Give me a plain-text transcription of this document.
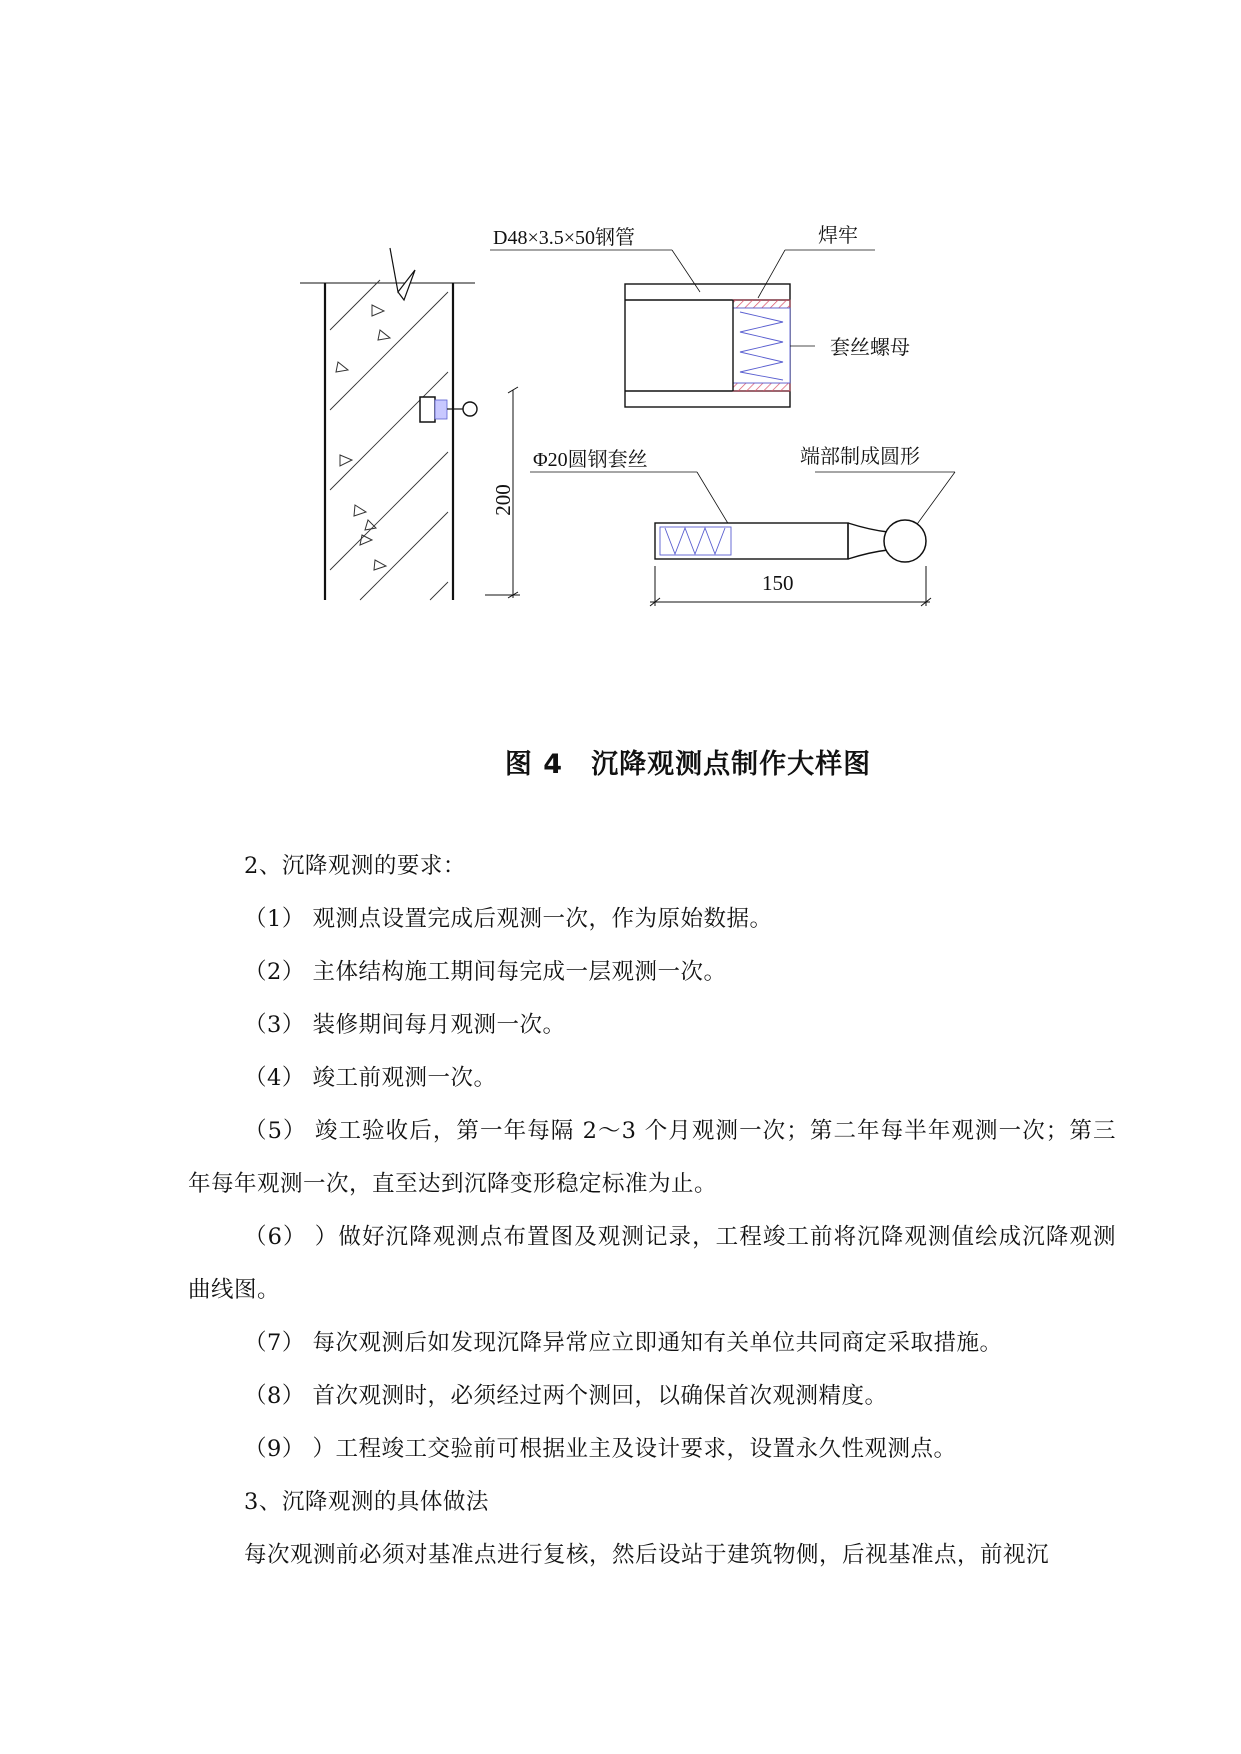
200
D48×3.5×50钢管	焊牢
套丝螺母
Φ20圆钢套丝	端部制成圆形
150
图 4　沉降观测点制作大样图
2、沉降观测的要求：
（1） 观测点设置完成后观测一次，作为原始数据。
（2） 主体结构施工期间每完成一层观测一次。
（3） 装修期间每月观测一次。
（4） 竣工前观测一次。
（5） 竣工验收后，第一年每隔 2～3 个月观测一次；第二年每半年观测一次；第三年每年观测一次，直至达到沉降变形稳定标准为止。
（6） ）做好沉降观测点布置图及观测记录，工程竣工前将沉降观测值绘成沉降观测曲线图。
（7） 每次观测后如发现沉降异常应立即通知有关单位共同商定采取措施。
（8） 首次观测时，必须经过两个测回，以确保首次观测精度。
（9） ）工程竣工交验前可根据业主及设计要求，设置永久性观测点。
3、沉降观测的具体做法
每次观测前必须对基准点进行复核，然后设站于建筑物侧，后视基准点，前视沉
